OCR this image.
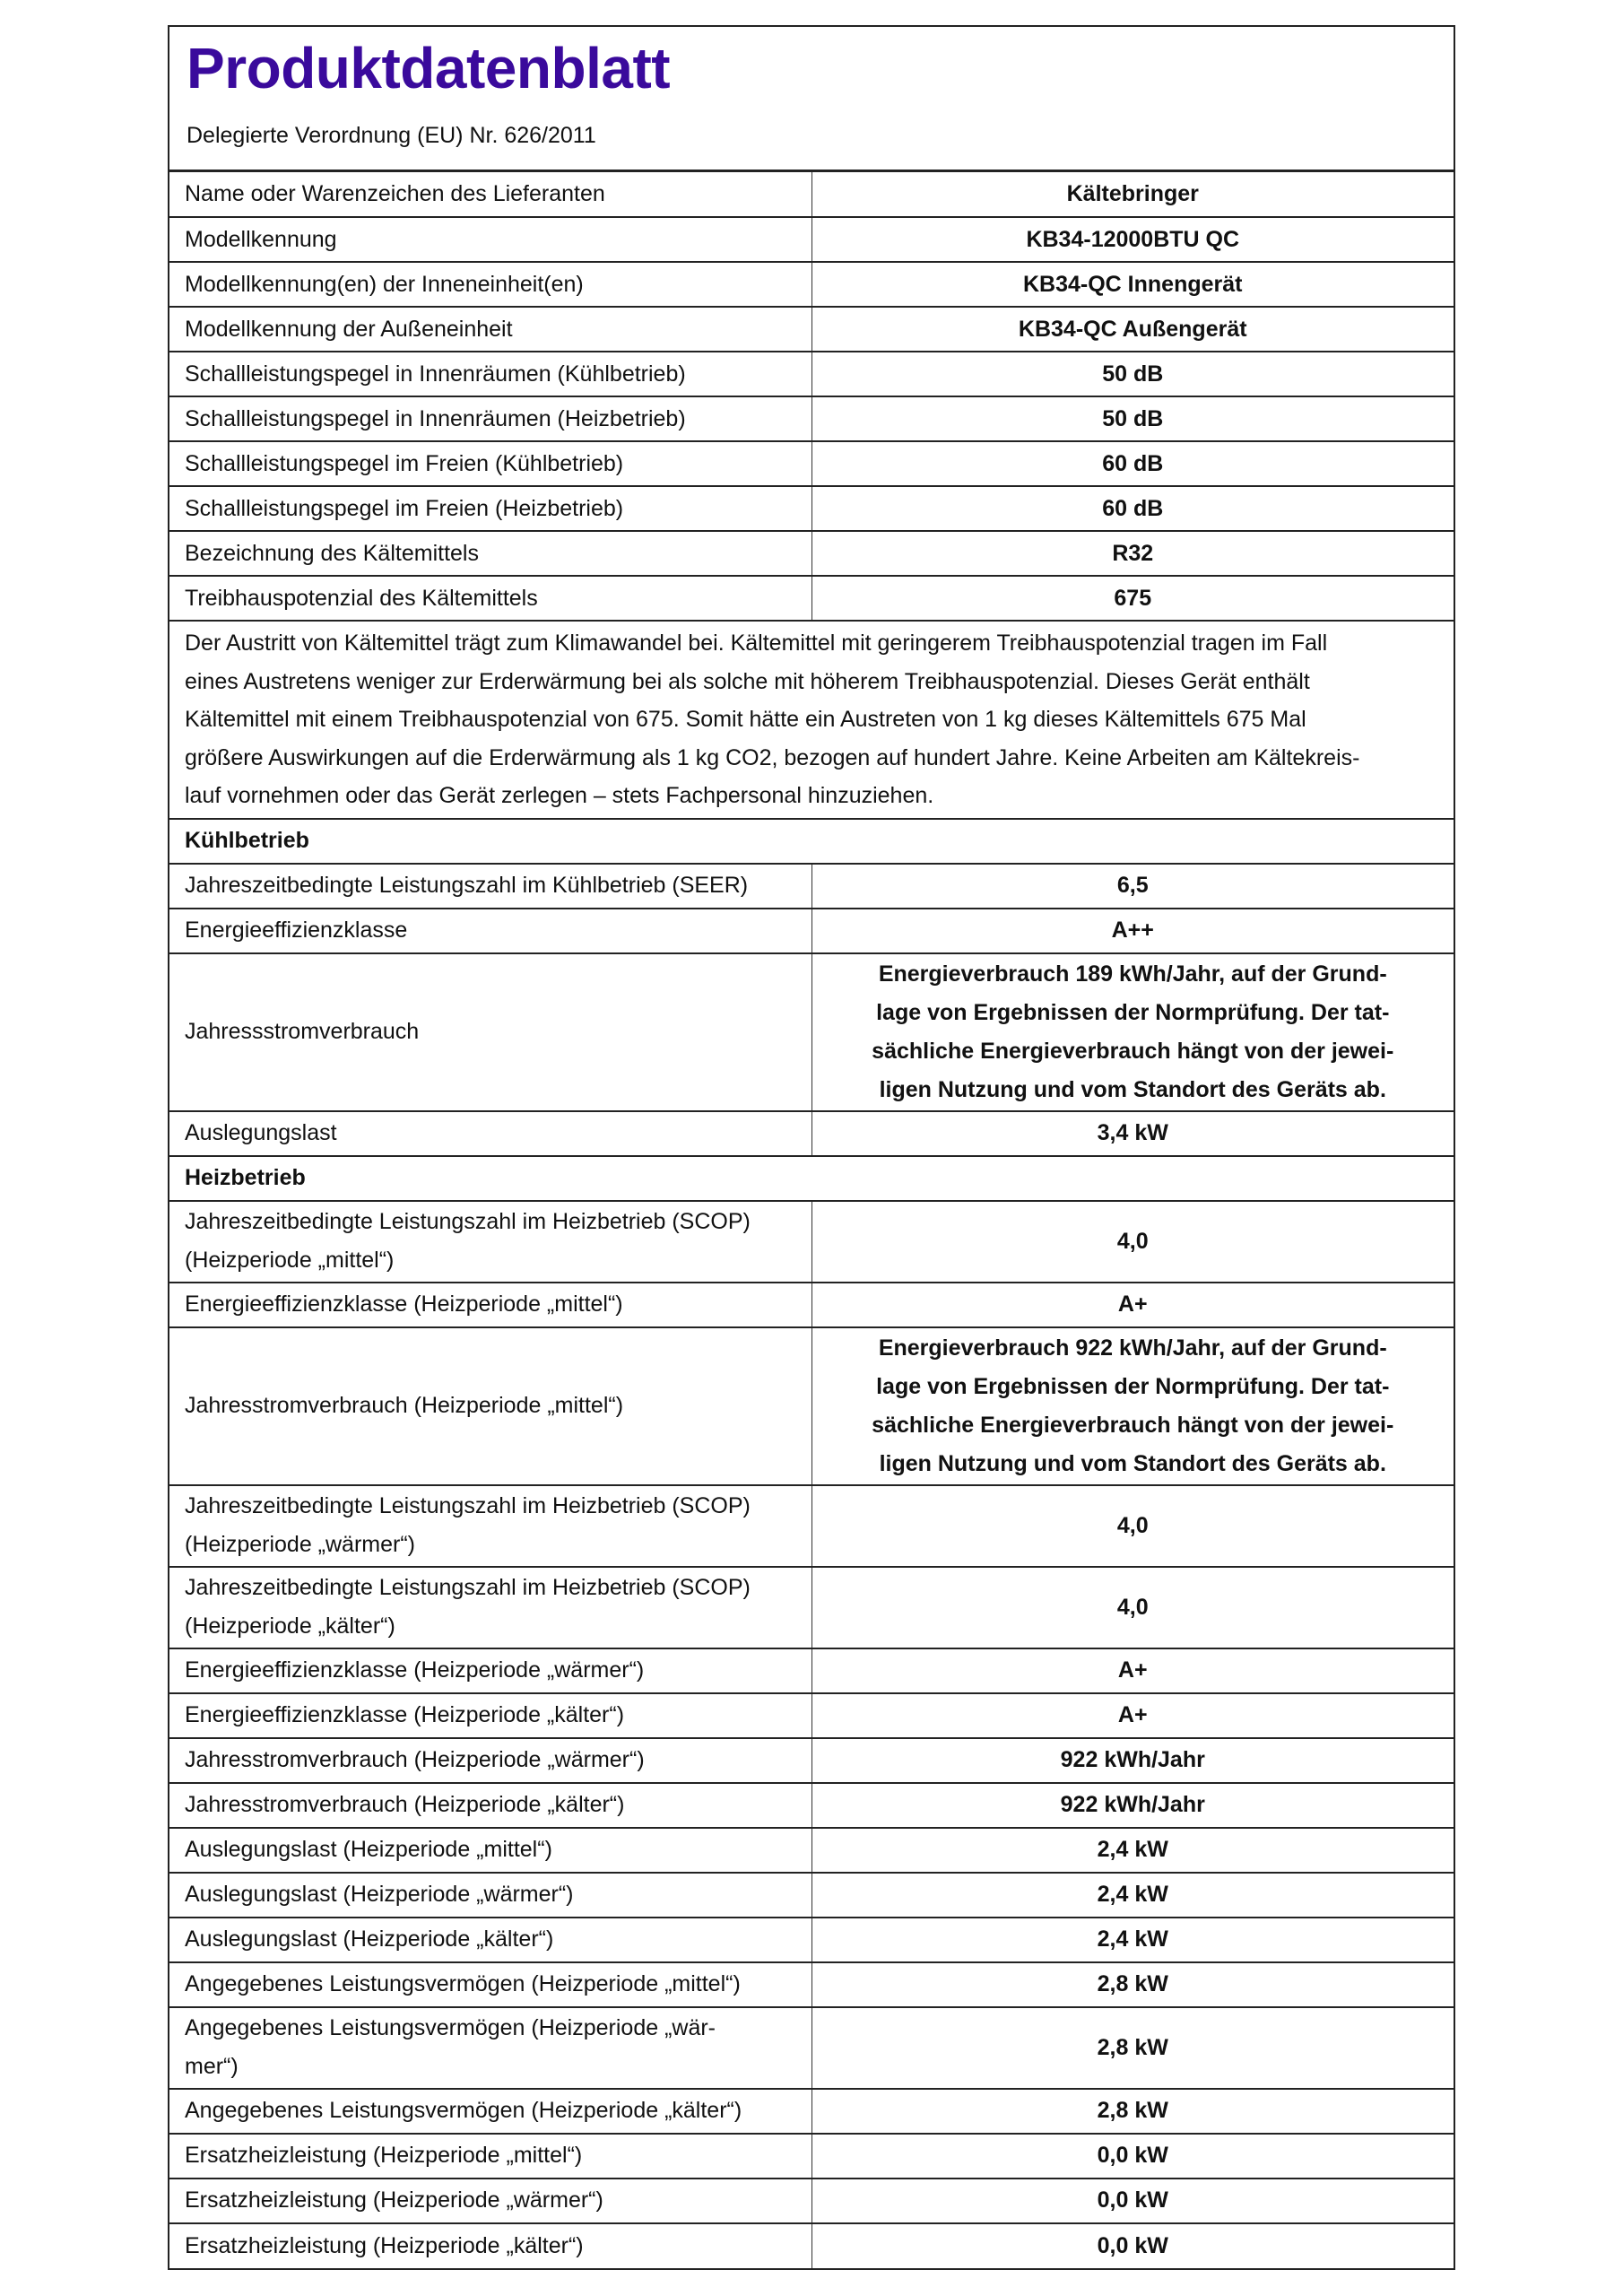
Produktdatenblatt
Delegierte Verordnung (EU) Nr. 626/2011
Name oder Warenzeichen des Lieferanten	Kältebringer
Modellkennung	KB34-12000BTU QC
Modellkennung(en) der Inneneinheit(en)	KB34-QC Innengerät
Modellkennung der Außeneinheit	KB34-QC Außengerät
Schallleistungspegel in Innenräumen (Kühlbetrieb)	50 dB
Schallleistungspegel in Innenräumen (Heizbetrieb)	50 dB
Schallleistungspegel im Freien (Kühlbetrieb)	60 dB
Schallleistungspegel im Freien (Heizbetrieb)	60 dB
Bezeichnung des Kältemittels	R32
Treibhauspotenzial des Kältemittels	675

Der Austritt von Kältemittel trägt zum Klimawandel bei. Kältemittel mit geringerem Treibhauspotenzial tragen im Fall
eines Austretens weniger zur Erderwärmung bei als solche mit höherem Treibhauspotenzial. Dieses Gerät enthält
Kältemittel mit einem Treibhauspotenzial von 675. Somit hätte ein Austreten von 1 kg dieses Kältemittels 675 Mal
größere Auswirkungen auf die Erderwärmung als 1 kg CO2, bezogen auf hundert Jahre. Keine Arbeiten am Kältekreis-
lauf vornehmen oder das Gerät zerlegen – stets Fachpersonal hinzuziehen.	

Kühlbetrieb	
Jahreszeitbedingte Leistungszahl im Kühlbetrieb (SEER)	6,5
Energieeffizienzklasse	A++
Jahressstromverbrauch	Energieverbrauch 189 kWh/Jahr, auf der Grund-
lage von Ergebnissen der Normprüfung. Der tat-
sächliche Energieverbrauch hängt von der jewei-
ligen Nutzung und vom Standort des Geräts ab.

Auslegungslast	3,4 kW
Heizbetrieb	

Jahreszeitbedingte Leistungszahl im Heizbetrieb (SCOP)
(Heizperiode „mittel“)	4,0
Energieeffizienzklasse (Heizperiode „mittel“)	A+
Jahresstromverbrauch (Heizperiode „mittel“)	Energieverbrauch 922 kWh/Jahr, auf der Grund-
lage von Ergebnissen der Normprüfung. Der tat-
sächliche Energieverbrauch hängt von der jewei-
ligen Nutzung und vom Standort des Geräts ab.

Jahreszeitbedingte Leistungszahl im Heizbetrieb (SCOP)
(Heizperiode „wärmer“)	4,0

Jahreszeitbedingte Leistungszahl im Heizbetrieb (SCOP)
(Heizperiode „kälter“)	4,0
Energieeffizienzklasse (Heizperiode „wärmer“)	A+
Energieeffizienzklasse (Heizperiode „kälter“)	A+
Jahresstromverbrauch (Heizperiode „wärmer“)	922 kWh/Jahr
Jahresstromverbrauch (Heizperiode „kälter“)	922 kWh/Jahr
Auslegungslast (Heizperiode „mittel“)	2,4 kW
Auslegungslast (Heizperiode „wärmer“)	2,4 kW
Auslegungslast (Heizperiode „kälter“)	2,4 kW
Angegebenes Leistungsvermögen (Heizperiode „mittel“)	2,8 kW

Angegebenes Leistungsvermögen (Heizperiode „wär-
mer“)	2,8 kW
Angegebenes Leistungsvermögen (Heizperiode „kälter“)	2,8 kW
Ersatzheizleistung (Heizperiode „mittel“)	0,0 kW
Ersatzheizleistung (Heizperiode „wärmer“)	0,0 kW
Ersatzheizleistung (Heizperiode „kälter“)	0,0 kW
